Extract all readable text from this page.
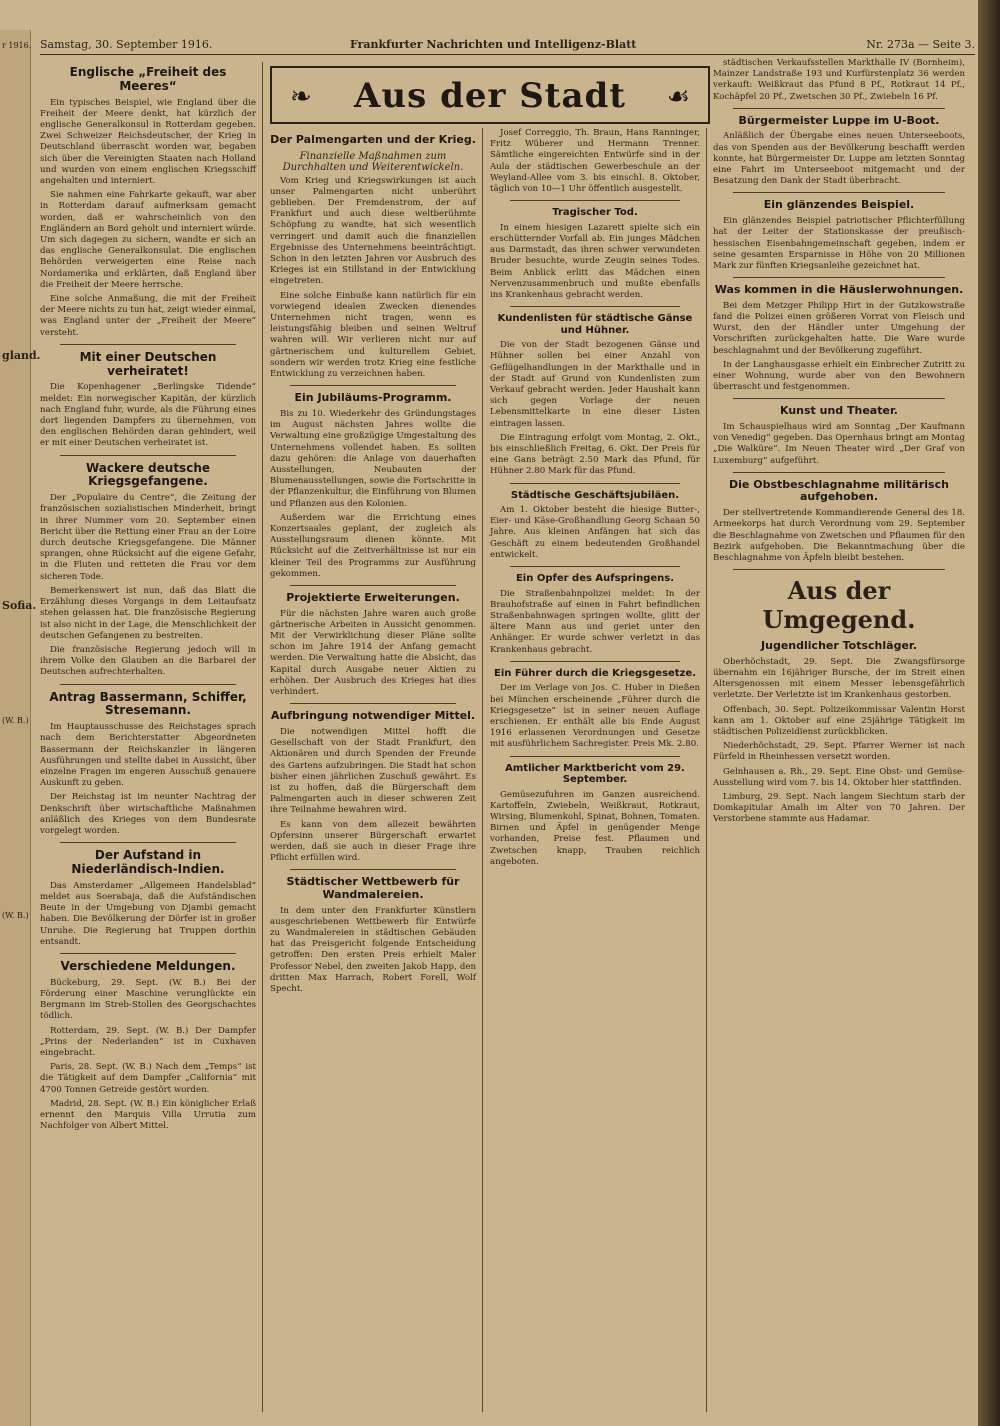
r 1916.
gland.
Sofia.
(W. B.)
(W. B.)
Samstag, 30. September 1916.	Frankfurter Nachrichten und Intelligenz-Blatt	Nr. 273a — Seite 3.
❧	Aus der Stadt	☙
Englische „Freiheit des Meeres“

Ein typisches Beispiel, wie England über die Freiheit der Meere denkt, hat kürzlich der englische Generalkonsul in Rotterdam gegeben. Zwei Schweizer Reichsdeutscher, der Krieg in Deutschland überrascht worden war, begaben sich über die Vereinigten Staaten nach Holland und wurden von einem englischen Kriegsschiff angehalten und interniert.

Sie nahmen eine Fahrkarte gekauft, war aber in Rotterdam darauf aufmerksam gemacht worden, daß er wahrscheinlich von den Engländern an Bord geholt und interniert würde. Um sich dagegen zu sichern, wandte er sich an das englische Generalkonsulat. Die englischen Behörden verweigerten eine Reise nach Nordamerika und erklärten, daß England über die Freiheit der Meere herrsche.

Eine solche Anmaßung, die mit der Freiheit der Meere nichts zu tun hat, zeigt wieder einmal, was England unter der „Freiheit der Meere“ versteht.

Mit einer Deutschen verheiratet!

Die Kopenhagener „Berlingske Tidende“ meldet: Ein norwegischer Kapitän, der kürzlich nach England fuhr, wurde, als die Führung eines dort liegenden Dampfers zu übernehmen, von den englischen Behörden daran gehindert, weil er mit einer Deutschen verheiratet ist.

Wackere deutsche Kriegsgefangene.

Der „Populaire du Centre“, die Zeitung der französischen sozialistischen Minderheit, bringt in ihrer Nummer vom 20. September einen Bericht über die Rettung einer Frau an der Loire durch deutsche Kriegsgefangene. Die Männer sprangen, ohne Rücksicht auf die eigene Gefahr, in die Fluten und retteten die Frau vor dem sicheren Tode.

Bemerkenswert ist nun, daß das Blatt die Erzählung dieses Vorgangs in dem Leitaufsatz stehen gelassen hat. Die französische Regierung ist also nicht in der Lage, die Menschlichkeit der deutschen Gefangenen zu bestreiten.

Die französische Regierung jedoch will in ihrem Volke den Glauben an die Barbarei der Deutschen aufrechterhalten.

Antrag Bassermann, Schiffer, Stresemann.

Im Hauptausschusse des Reichstages sprach nach dem Berichterstatter Abgeordneten Bassermann der Reichskanzler in längeren Ausführungen und stellte dabei in Aussicht, über einzelne Fragen im engeren Ausschuß genauere Auskunft zu geben.

Der Reichstag ist im neunter Nachtrag der Denkschrift über wirtschaftliche Maßnahmen anläßlich des Krieges von dem Bundesrate vorgelegt worden.

Der Aufstand in Niederländisch-Indien.

Das Amsterdamer „Allgemeen Handelsblad“ meldet aus Soerabaja, daß die Aufständischen Beute in der Umgebung von Djambi gemacht haben. Die Bevölkerung der Dörfer ist in großer Unruhe. Die Regierung hat Truppen dorthin entsandt.

Verschiedene Meldungen.

Bückeburg, 29. Sept. (W. B.) Bei der Förderung einer Maschine verunglückte ein Bergmann im Streb-Stollen des Georgschachtes tödlich.

Rotterdam, 29. Sept. (W. B.) Der Dampfer „Prins der Nederlanden“ ist in Cuxhaven eingebracht.

Paris, 28. Sept. (W. B.) Nach dem „Temps“ ist die Tätigkeit auf dem Dampfer „California“ mit 4700 Tonnen Getreide gestört worden.

Madrid, 28. Sept. (W. B.) Ein königlicher Erlaß ernennt den Marquis Villa Urrutia zum Nachfolger von Albert Mittel.

Der Palmengarten und der Krieg.
Finanzielle Maßnahmen zum Durchhalten und Weiterentwickeln.

Vom Krieg und Kriegswirkungen ist auch unser Palmengarten nicht unberührt geblieben. Der Fremdenstrom, der auf Frankfurt und auch diese weltberühmte Schöpfung zu wandte, hat sich wesentlich verringert und damit auch die finanziellen Ergebnisse des Unternehmens beeinträchtigt. Schon in den letzten Jahren vor Ausbruch des Krieges ist ein Stillstand in der Entwicklung eingetreten.

Eine solche Einbuße kann natürlich für ein vorwiegend idealen Zwecken dienendes Unternehmen nicht tragen, wenn es leistungsfähig bleiben und seinen Weltruf wahren will. Wir verlieren nicht nur auf gärtnerischem und kulturellem Gebiet, sondern wir werden trotz Krieg eine festliche Entwicklung zu verzeichnen haben.

Ein Jubiläums-Programm.

Bis zu 10. Wiederkehr des Gründungstages im August nächsten Jahres wollte die Verwaltung eine großzügige Umgestaltung des Unternehmens vollendet haben. Es sollten dazu gehören: die Anlage von dauerhaften Ausstellungen, Neubauten der Blumenausstellungen, sowie die Fortschritte in der Pflanzenkultur, die Einführung von Blumen und Pflanzen aus den Kolonien.

Außerdem war die Errichtung eines Konzertsaales geplant, der zugleich als Ausstellungsraum dienen könnte. Mit Rücksicht auf die Zeitverhältnisse ist nur ein kleiner Teil des Programms zur Ausführung gekommen.

Projektierte Erweiterungen.

Für die nächsten Jahre waren auch große gärtnerische Arbeiten in Aussicht genommen. Mit der Verwirklichung dieser Pläne sollte schon im Jahre 1914 der Anfang gemacht werden. Die Verwaltung hatte die Absicht, das Kapital durch Ausgabe neuer Aktien zu erhöhen. Der Ausbruch des Krieges hat dies verhindert.

Aufbringung notwendiger Mittel.

Die notwendigen Mittel hofft die Gesellschaft von der Stadt Frankfurt, den Aktionären und durch Spenden der Freunde des Gartens aufzubringen. Die Stadt hat schon bisher einen jährlichen Zuschuß gewährt. Es ist zu hoffen, daß die Bürgerschaft dem Palmengarten auch in dieser schweren Zeit ihre Teilnahme bewahren wird.

Es kann von dem allezeit bewährten Opfersinn unserer Bürgerschaft erwartet werden, daß sie auch in dieser Frage ihre Pflicht erfüllen wird.

Städtischer Wettbewerb für Wandmalereien.

In dem unter den Frankfurter Künstlern ausgeschriebenen Wettbewerb für Entwürfe zu Wandmalereien in städtischen Gebäuden hat das Preisgericht folgende Entscheidung getroffen: Den ersten Preis erhielt Maler Professor Nebel, den zweiten Jakob Happ, den dritten Max Harrach, Robert Forell, Wolf Specht.

Josef Correggio, Th. Braun, Hans Ranninger, Fritz Wüberer und Hermann Trenner. Sämtliche eingereichten Entwürfe sind in der Aula der städtischen Gewerbeschule an der Weyland-Allee vom 3. bis einschl. 8. Oktober, täglich von 10—1 Uhr öffentlich ausgestellt.

Tragischer Tod.

In einem hiesigen Lazarett spielte sich ein erschütternder Vorfall ab. Ein junges Mädchen aus Darmstadt, das ihren schwer verwundeten Bruder besuchte, wurde Zeugin seines Todes. Beim Anblick erlitt das Mädchen einen Nervenzusammenbruch und mußte ebenfalls ins Krankenhaus gebracht werden.

Kundenlisten für städtische Gänse und Hühner.

Die von der Stadt bezogenen Gänse und Hühner sollen bei einer Anzahl von Geflügelhandlungen in der Markthalle und in der Stadt auf Grund von Kundenlisten zum Verkauf gebracht werden. Jeder Haushalt kann sich gegen Vorlage der neuen Lebensmittelkarte in eine dieser Listen eintragen lassen.

Die Eintragung erfolgt vom Montag, 2. Okt., bis einschließlich Freitag, 6. Okt. Der Preis für eine Gans beträgt 2.50 Mark das Pfund, für Hühner 2.80 Mark für das Pfund.

Städtische Geschäftsjubiläen.

Am 1. Oktober besteht die hiesige Butter-, Eier- und Käse-Großhandlung Georg Schaan 50 Jahre. Aus kleinen Anfängen hat sich das Geschäft zu einem bedeutenden Großhandel entwickelt.

Ein Opfer des Aufspringens.

Die Straßenbahnpolizei meldet: In der Brauhofstraße auf einen in Fahrt befindlichen Straßenbahnwagen springen wollte, glitt der ältere Mann aus und geriet unter den Anhänger. Er wurde schwer verletzt in das Krankenhaus gebracht.

Ein Führer durch die Kriegsgesetze.

Der im Verlage von Jos. C. Huber in Dießen bei München erscheinende „Führer durch die Kriegsgesetze“ ist in seiner neuen Auflage erschienen. Er enthält alle bis Ende August 1916 erlassenen Verordnungen und Gesetze mit ausführlichem Sachregister. Preis Mk. 2.80.

Amtlicher Marktbericht vom 29. September.

Gemüsezufuhren im Ganzen ausreichend. Kartoffeln, Zwiebeln, Weißkraut, Rotkraut, Wirsing, Blumenkohl, Spinat, Bohnen, Tomaten. Birnen und Äpfel in genügender Menge vorhanden, Preise fest. Pflaumen und Zwetschen knapp, Trauben reichlich angeboten.

städtischen Verkaufsstellen Markthalle IV (Bornheim), Mainzer Landstraße 193 und Kurfürstenplatz 36 werden verkauft: Weißkraut das Pfund 8 Pf., Rotkraut 14 Pf., Kochäpfel 20 Pf., Zwetschen 30 Pf., Zwiebeln 16 Pf.

Bürgermeister Luppe im U-Boot.

Anläßlich der Übergabe eines neuen Unterseeboots, das von Spenden aus der Bevölkerung beschafft werden konnte, hat Bürgermeister Dr. Luppe am letzten Sonntag eine Fahrt im Unterseeboot mitgemacht und der Besatzung den Dank der Stadt überbracht.

Ein glänzendes Beispiel.

Ein glänzendes Beispiel patriotischer Pflichterfüllung hat der Leiter der Stationskasse der preußisch-hessischen Eisenbahngemeinschaft gegeben, indem er seine gesamten Ersparnisse in Höhe von 20 Millionen Mark zur fünften Kriegsanleihe gezeichnet hat.

Was kommen in die Häuslerwohnungen.

Bei dem Metzger Philipp Hirt in der Gutzkowstraße fand die Polizei einen größeren Vorrat von Fleisch und Wurst, den der Händler unter Umgehung der Vorschriften zurückgehalten hatte. Die Ware wurde beschlagnahmt und der Bevölkerung zugeführt.

In der Langhausgasse erhielt ein Einbrecher Zutritt zu einer Wohnung, wurde aber von den Bewohnern überrascht und festgenommen.

Kunst und Theater.

Im Schauspielhaus wird am Sonntag „Der Kaufmann von Venedig“ gegeben. Das Opernhaus bringt am Montag „Die Walküre“. Im Neuen Theater wird „Der Graf von Luxemburg“ aufgeführt.

Die Obstbeschlagnahme militärisch aufgehoben.

Der stellvertretende Kommandierende General des 18. Armeekorps hat durch Verordnung vom 29. September die Beschlagnahme von Zwetschen und Pflaumen für den Bezirk aufgehoben. Die Bekanntmachung über die Beschlagnahme von Äpfeln bleibt bestehen.

Aus der Umgegend.
Jugendlicher Totschläger.

Oberhöchstadt, 29. Sept. Die Zwangsfürsorge übernahm ein 16jähriger Bursche, der im Streit einen Altersgenossen mit einem Messer lebensgefährlich verletzte. Der Verletzte ist im Krankenhaus gestorben.

Offenbach, 30. Sept. Polizeikommissar Valentin Horst kann am 1. Oktober auf eine 25jährige Tätigkeit im städtischen Polizeidienst zurückblicken.

Niederhöchstadt, 29. Sept. Pfarrer Werner ist nach Fürfeld in Rheinhessen versetzt worden.

Gelnhausen a. Rh., 29. Sept. Eine Obst- und Gemüse-Ausstellung wird vom 7. bis 14. Oktober hier stattfinden.

Limburg, 29. Sept. Nach langem Siechtum starb der Domkapitular Amalh im Alter von 70 Jahren. Der Verstorbene stammte aus Hadamar.
